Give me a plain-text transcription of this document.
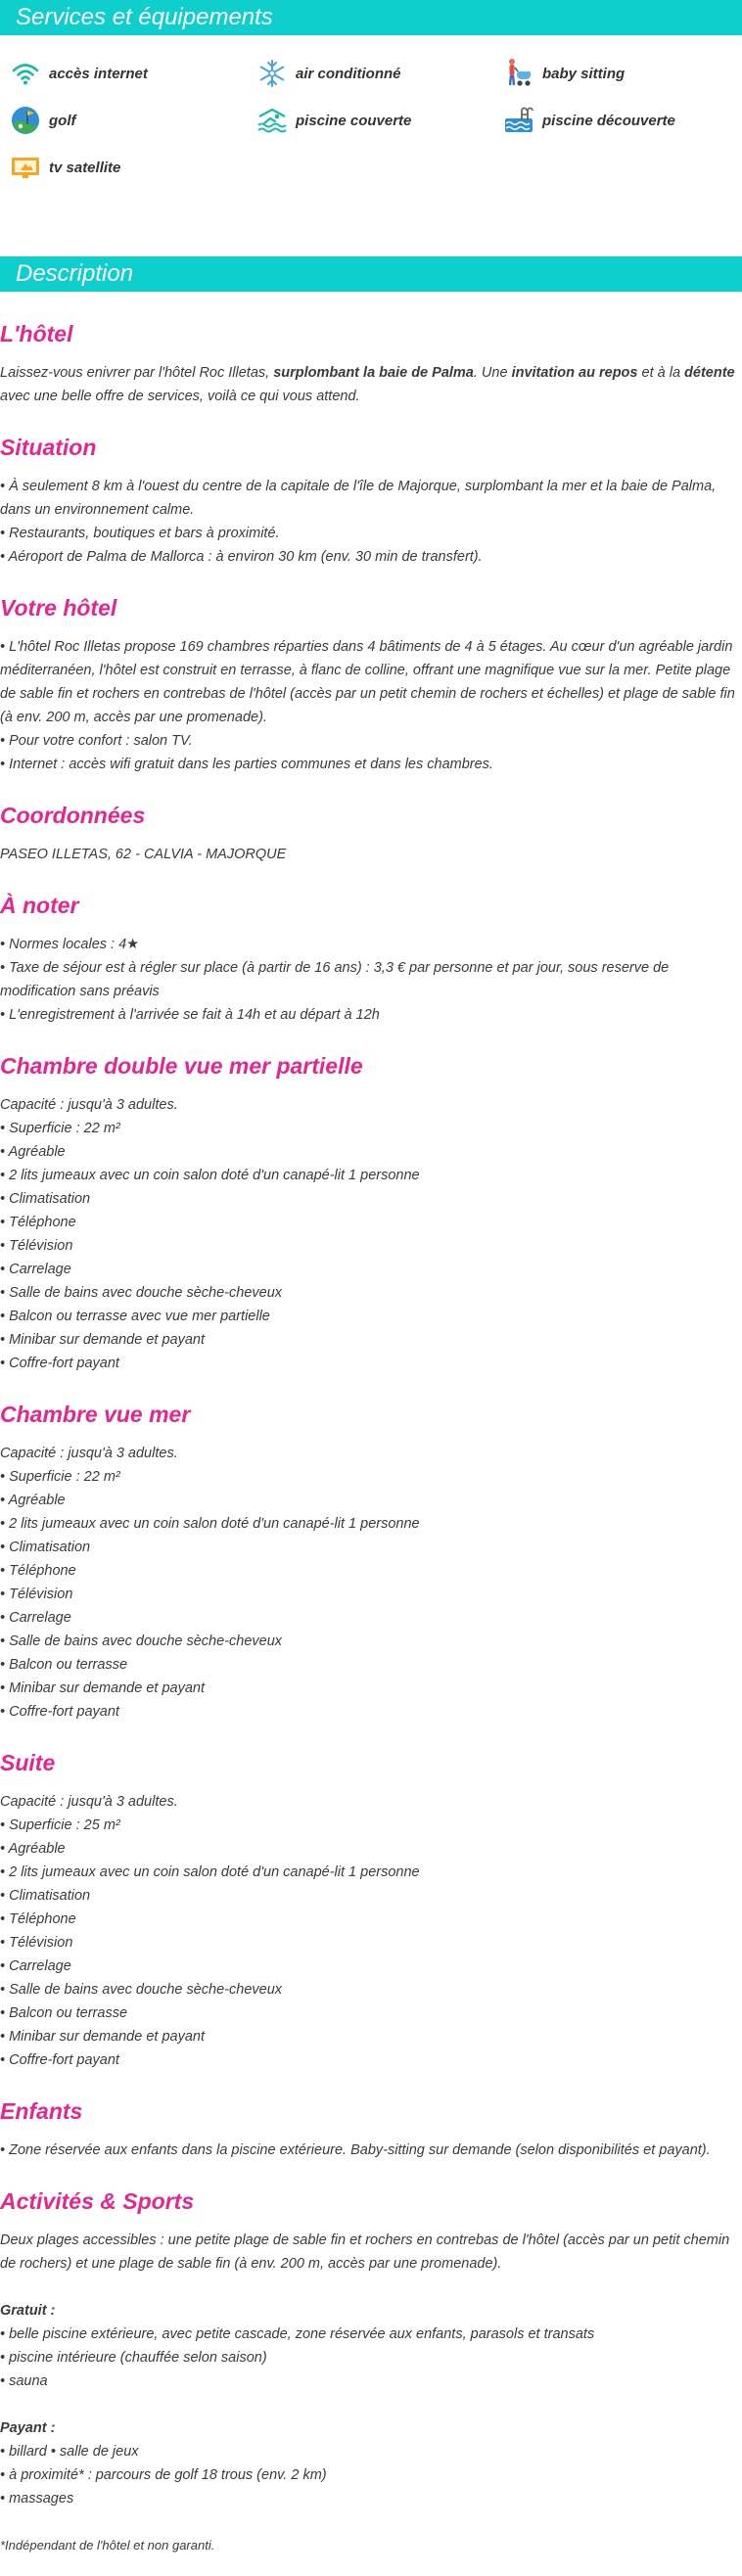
Services et équipements
accès internet	air conditionné	baby sitting
golf	piscine couverte	piscine découverte
tv satellite
Description
L'hôtel

Laissez-vous enivrer par l'hôtel Roc Illetas, surplombant la baie de Palma. Une invitation au repos et à la détente avec une belle offre de services, voilà ce qui vous attend.

Situation

• À seulement 8 km à l'ouest du centre de la capitale de l'île de Majorque, surplombant la mer et la baie de Palma, dans un environnement calme.

• Restaurants, boutiques et bars à proximité.

• Aéroport de Palma de Mallorca : à environ 30 km (env. 30 min de transfert).

Votre hôtel

• L'hôtel Roc Illetas propose 169 chambres réparties dans 4 bâtiments de 4 à 5 étages. Au cœur d'un agréable jardin méditerranéen, l'hôtel est construit en terrasse, à flanc de colline, offrant une magnifique vue sur la mer. Petite plage de sable fin et rochers en contrebas de l'hôtel (accès par un petit chemin de rochers et échelles) et plage de sable fin (à env. 200 m, accès par une promenade).

• Pour votre confort : salon TV.

• Internet : accès wifi gratuit dans les parties communes et dans les chambres.

Coordonnées

PASEO ILLETAS, 62 - CALVIA - MAJORQUE

À noter

• Normes locales : 4★

• Taxe de séjour est à régler sur place (à partir de 16 ans) : 3,3 € par personne et par jour, sous reserve de modification sans préavis

• L'enregistrement à l'arrivée se fait à 14h et au départ à 12h

Chambre double vue mer partielle

Capacité : jusqu'à 3 adultes.

• Superficie : 22 m²

• Agréable

• 2 lits jumeaux avec un coin salon doté d'un canapé-lit 1 personne

• Climatisation

• Téléphone

• Télévision

• Carrelage

• Salle de bains avec douche sèche-cheveux

• Balcon ou terrasse avec vue mer partielle

• Minibar sur demande et payant

• Coffre-fort payant

Chambre vue mer

Capacité : jusqu'à 3 adultes.

• Superficie : 22 m²

• Agréable

• 2 lits jumeaux avec un coin salon doté d'un canapé-lit 1 personne

• Climatisation

• Téléphone

• Télévision

• Carrelage

• Salle de bains avec douche sèche-cheveux

• Balcon ou terrasse

• Minibar sur demande et payant

• Coffre-fort payant

Suite

Capacité : jusqu'à 3 adultes.

• Superficie : 25 m²

• Agréable

• 2 lits jumeaux avec un coin salon doté d'un canapé-lit 1 personne

• Climatisation

• Téléphone

• Télévision

• Carrelage

• Salle de bains avec douche sèche-cheveux

• Balcon ou terrasse

• Minibar sur demande et payant

• Coffre-fort payant

Enfants

• Zone réservée aux enfants dans la piscine extérieure. Baby-sitting sur demande (selon disponibilités et payant).

Activités & Sports

Deux plages accessibles : une petite plage de sable fin et rochers en contrebas de l'hôtel (accès par un petit chemin de rochers) et une plage de sable fin (à env. 200 m, accès par une promenade).

Gratuit :

• belle piscine extérieure, avec petite cascade, zone réservée aux enfants, parasols et transats

• piscine intérieure (chauffée selon saison)

• sauna

Payant :

• billard • salle de jeux

• à proximité* : parcours de golf 18 trous (env. 2 km)

• massages

*Indépendant de l'hôtel et non garanti.
